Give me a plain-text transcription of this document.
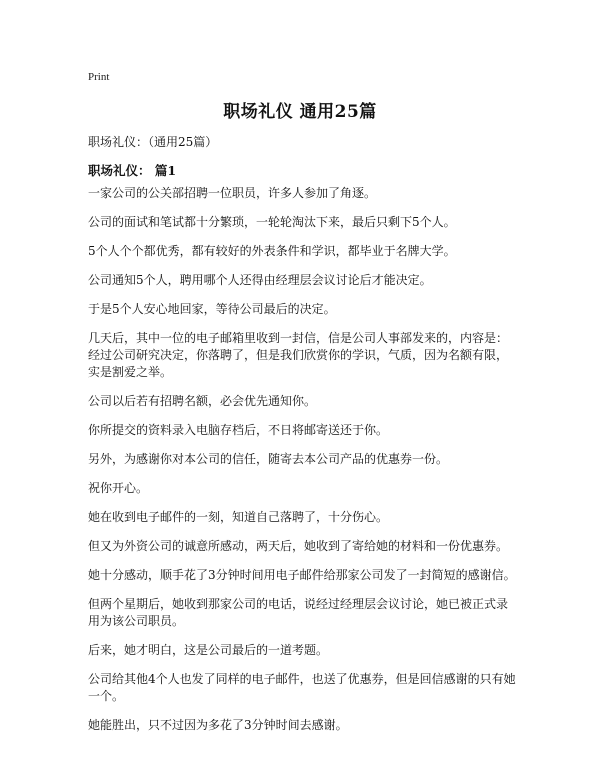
Print
职场礼仪 通用25篇
职场礼仪：（通用25篇）
职场礼仪： 篇1

一家公司的公关部招聘一位职员，许多人参加了角逐。

公司的面试和笔试都十分繁琐，一轮轮淘汰下来，最后只剩下5个人。

5个人个个都优秀，都有较好的外表条件和学识，都毕业于名牌大学。

公司通知5个人，聘用哪个人还得由经理层会议讨论后才能决定。

于是5个人安心地回家，等待公司最后的决定。

几天后，其中一位的电子邮箱里收到一封信，信是公司人事部发来的，内容是：经过公司研究决定，你落聘了，但是我们欣赏你的学识，气质，因为名额有限，实是割爱之举。

公司以后若有招聘名额，必会优先通知你。

你所提交的资料录入电脑存档后，不日将邮寄送还于你。

另外，为感谢你对本公司的信任，随寄去本公司产品的优惠券一份。

祝你开心。

她在收到电子邮件的一刻，知道自己落聘了，十分伤心。

但又为外资公司的诚意所感动，两天后，她收到了寄给她的材料和一份优惠券。

她十分感动，顺手花了3分钟时间用电子邮件给那家公司发了一封简短的感谢信。

但两个星期后，她收到那家公司的电话，说经过经理层会议讨论，她已被正式录用为该公司职员。

后来，她才明白，这是公司最后的一道考题。

公司给其他4个人也发了同样的电子邮件，也送了优惠券，但是回信感谢的只有她一个。

她能胜出，只不过因为多花了3分钟时间去感谢。
